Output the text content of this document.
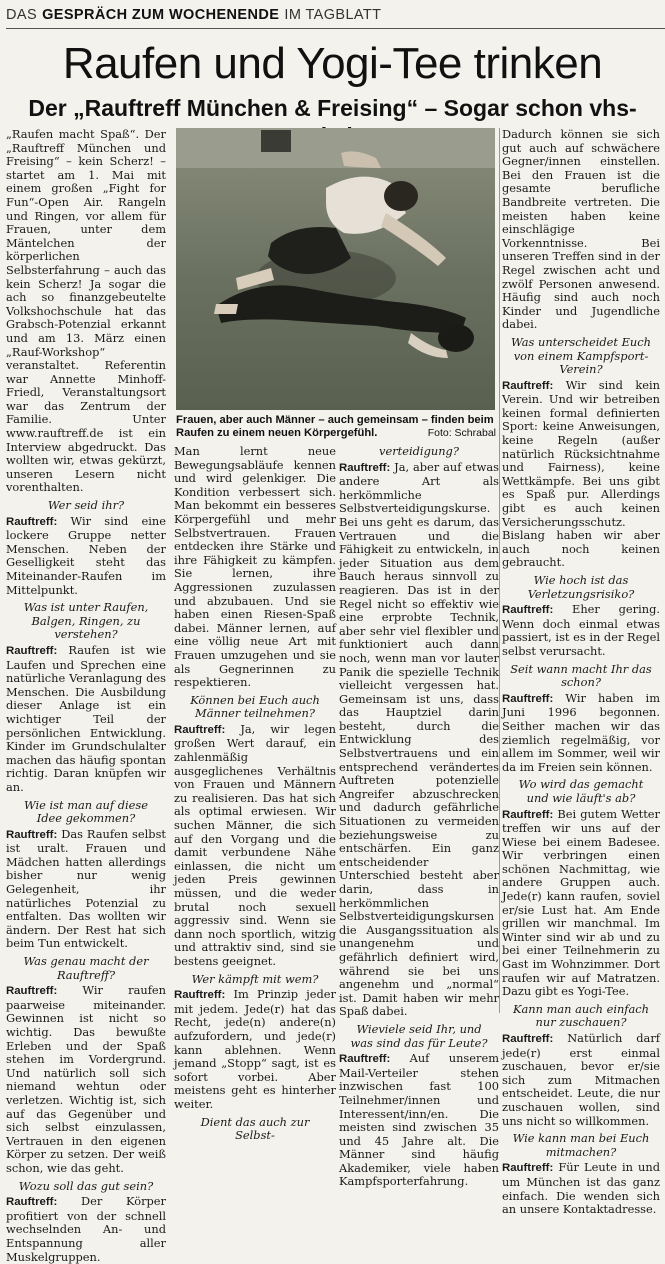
DAS GESPRÄCH ZUM WOCHENENDE IM TAGBLATT
Raufen und Yogi-Tee trinken
Der „Rauftreff München & Freising“ – Sogar schon vhs-

„Raufen macht Spaß“. Der „Rauftreff München und Freising“ – kein Scherz! – startet am 1. Mai mit einem großen „Fight for Fun“-Open Air. Rangeln und Ringen, vor allem für Frauen, unter dem Mäntelchen der körperlichen Selbsterfahrung – auch das kein Scherz! Ja sogar die ach so finanzgebeutelte Volkshochschule hat das Grabsch-Potenzial erkannt und am 13. März einen „Rauf-Workshop“ veranstaltet. Referentin war Annette Minhoff-Friedl, Veranstaltungsort war das Zentrum der Familie. Unter www.rauftreff.de ist ein Interview abgedruckt. Das wollten wir, etwas gekürzt, unseren Lesern nicht vorenthalten.

Wer seid ihr?

Rauftreff: Wir sind eine lockere Gruppe netter Menschen. Neben der Geselligkeit steht das Miteinander-Raufen im Mittelpunkt.

Was ist unter Raufen, Balgen, Ringen, zu verstehen?

Rauftreff: Raufen ist wie Laufen und Sprechen eine natürliche Veranlagung des Menschen. Die Ausbildung dieser Anlage ist ein wichtiger Teil der persönlichen Entwicklung. Kinder im Grundschulalter machen das häufig spontan richtig. Daran knüpfen wir an.

Wie ist man auf diese Idee gekommen?

Rauftreff: Das Raufen selbst ist uralt. Frauen und Mädchen hatten allerdings bisher nur wenig Gelegenheit, ihr natürliches Potenzial zu entfalten. Das wollten wir ändern. Der Rest hat sich beim Tun entwickelt.

Was genau macht der Rauftreff?

Rauftreff: Wir raufen paarweise miteinander. Gewinnen ist nicht so wichtig. Das bewußte Erleben und der Spaß stehen im Vordergrund. Und natürlich soll sich niemand wehtun oder verletzen. Wichtig ist, sich auf das Gegenüber und sich selbst einzulassen, Vertrauen in den eigenen Körper zu setzen. Der weiß schon, wie das geht.

Wozu soll das gut sein?

Rauftreff: Der Körper profitiert von der schnell wechselnden An- und Entspannung aller Muskelgruppen.

Frauen, aber auch Männer – auch gemeinsam – finden beim Raufen zu einem neuen Körpergefühl.	Foto: Schrabal

Man lernt neue Bewegungsabläufe kennen und wird gelenkiger. Die Kondition verbessert sich. Man bekommt ein besseres Körpergefühl und mehr Selbstvertrauen. Frauen entdecken ihre Stärke und ihre Fähigkeit zu kämpfen. Sie lernen, ihre Aggressionen zuzulassen und abzubauen. Und sie haben einen Riesen-Spaß dabei. Männer lernen, auf eine völlig neue Art mit Frauen umzugehen und sie als Gegnerinnen zu respektieren.

Können bei Euch auch Männer teilnehmen?

Rauftreff: Ja, wir legen großen Wert darauf, ein zahlenmäßig ausgeglichenes Verhältnis von Frauen und Männern zu realisieren. Das hat sich als optimal erwiesen. Wir suchen Männer, die sich auf den Vorgang und die damit verbundene Nähe einlassen, die nicht um jeden Preis gewinnen müssen, und die weder brutal noch sexuell aggressiv sind. Wenn sie dann noch sportlich, witzig und attraktiv sind, sind sie bestens geeignet.

Wer kämpft mit wem?

Rauftreff: Im Prinzip jeder mit jedem. Jede(r) hat das Recht, jede(n) andere(n) aufzufordern, und jede(r) kann ablehnen. Wenn jemand „Stopp“ sagt, ist es sofort vorbei. Aber meistens geht es hinterher weiter.

Dient das auch zur Selbst-

verteidigung?

Rauftreff: Ja, aber auf etwas andere Art als herkömmliche Selbstverteidigungskurse. Bei uns geht es darum, das Vertrauen und die Fähigkeit zu entwickeln, in jeder Situation aus dem Bauch heraus sinnvoll zu reagieren. Das ist in der Regel nicht so effektiv wie eine erprobte Technik, aber sehr viel flexibler und funktioniert auch dann noch, wenn man vor lauter Panik die spezielle Technik vielleicht vergessen hat. Gemeinsam ist uns, dass das Hauptziel darin besteht, durch die Entwicklung des Selbstvertrauens und ein entsprechend verändertes Auftreten potenzielle Angreifer abzuschrecken und dadurch gefährliche Situationen zu vermeiden beziehungsweise zu entschärfen. Ein ganz entscheidender Unterschied besteht aber darin, dass in herkömmlichen Selbstverteidigungskursen die Ausgangssituation als unangenehm und gefährlich definiert wird, während sie bei uns angenehm und „normal“ ist. Damit haben wir mehr Spaß dabei.

Wieviele seid Ihr, und was sind das für Leute?

Rauftreff: Auf unserem Mail-Verteiler stehen inzwischen fast 100 Teilnehmer/innen und Interessent/inn/en. Die meisten sind zwischen 35 und 45 Jahre alt. Die Männer sind häufig Akademiker, viele haben Kampfsporterfahrung.

Dadurch können sie sich gut auch auf schwächere Gegner/innen einstellen. Bei den Frauen ist die gesamte berufliche Bandbreite vertreten. Die meisten haben keine einschlägige Vorkenntnisse. Bei unseren Treffen sind in der Regel zwischen acht und zwölf Personen anwesend. Häufig sind auch noch Kinder und Jugendliche dabei.

Was unterscheidet Euch von einem Kampfsport-Verein?

Rauftreff: Wir sind kein Verein. Und wir betreiben keinen formal definierten Sport: keine Anweisungen, keine Regeln (außer natürlich Rücksichtnahme und Fairness), keine Wettkämpfe. Bei uns gibt es Spaß pur. Allerdings gibt es auch keinen Versicherungsschutz. Bislang haben wir aber auch noch keinen gebraucht.

Wie hoch ist das Verletzungsrisiko?

Rauftreff: Eher gering. Wenn doch einmal etwas passiert, ist es in der Regel selbst verursacht.

Seit wann macht Ihr das schon?

Rauftreff: Wir haben im Juni 1996 begonnen. Seither machen wir das ziemlich regelmäßig, vor allem im Sommer, weil wir da im Freien sein können.

Wo wird das gemacht und wie läuft's ab?

Rauftreff: Bei gutem Wetter treffen wir uns auf der Wiese bei einem Badesee. Wir verbringen einen schönen Nachmittag, wie andere Gruppen auch. Jede(r) kann raufen, soviel er/sie Lust hat. Am Ende grillen wir manchmal. Im Winter sind wir ab und zu bei einer Teilnehmerin zu Gast im Wohnzimmer. Dort raufen wir auf Matratzen. Dazu gibt es Yogi-Tee.

Kann man auch einfach nur zuschauen?

Rauftreff: Natürlich darf jede(r) erst einmal zuschauen, bevor er/sie sich zum Mitmachen entscheidet. Leute, die nur zuschauen wollen, sind uns nicht so willkommen.

Wie kann man bei Euch mitmachen?

Rauftreff: Für Leute in und um München ist das ganz einfach. Die wenden sich an unsere Kontaktadresse.
